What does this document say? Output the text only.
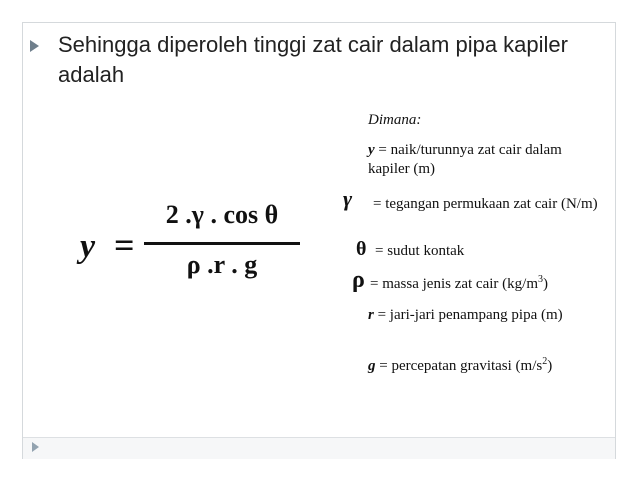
Sehingga diperoleh tinggi zat cair dalam pipa kapiler adalah
y =
2 .γ . cos θ
ρ .r . g
Dimana:
y = naik/turunnya zat cair dalam kapiler (m)
γ	= tegangan permukaan zat cair (N/m)
θ = sudut kontak
ρ = massa jenis zat cair $(kg/m^3)$
r = jari-jari penampang pipa (m)
g = percepatan gravitasi $(m/s^2)$
